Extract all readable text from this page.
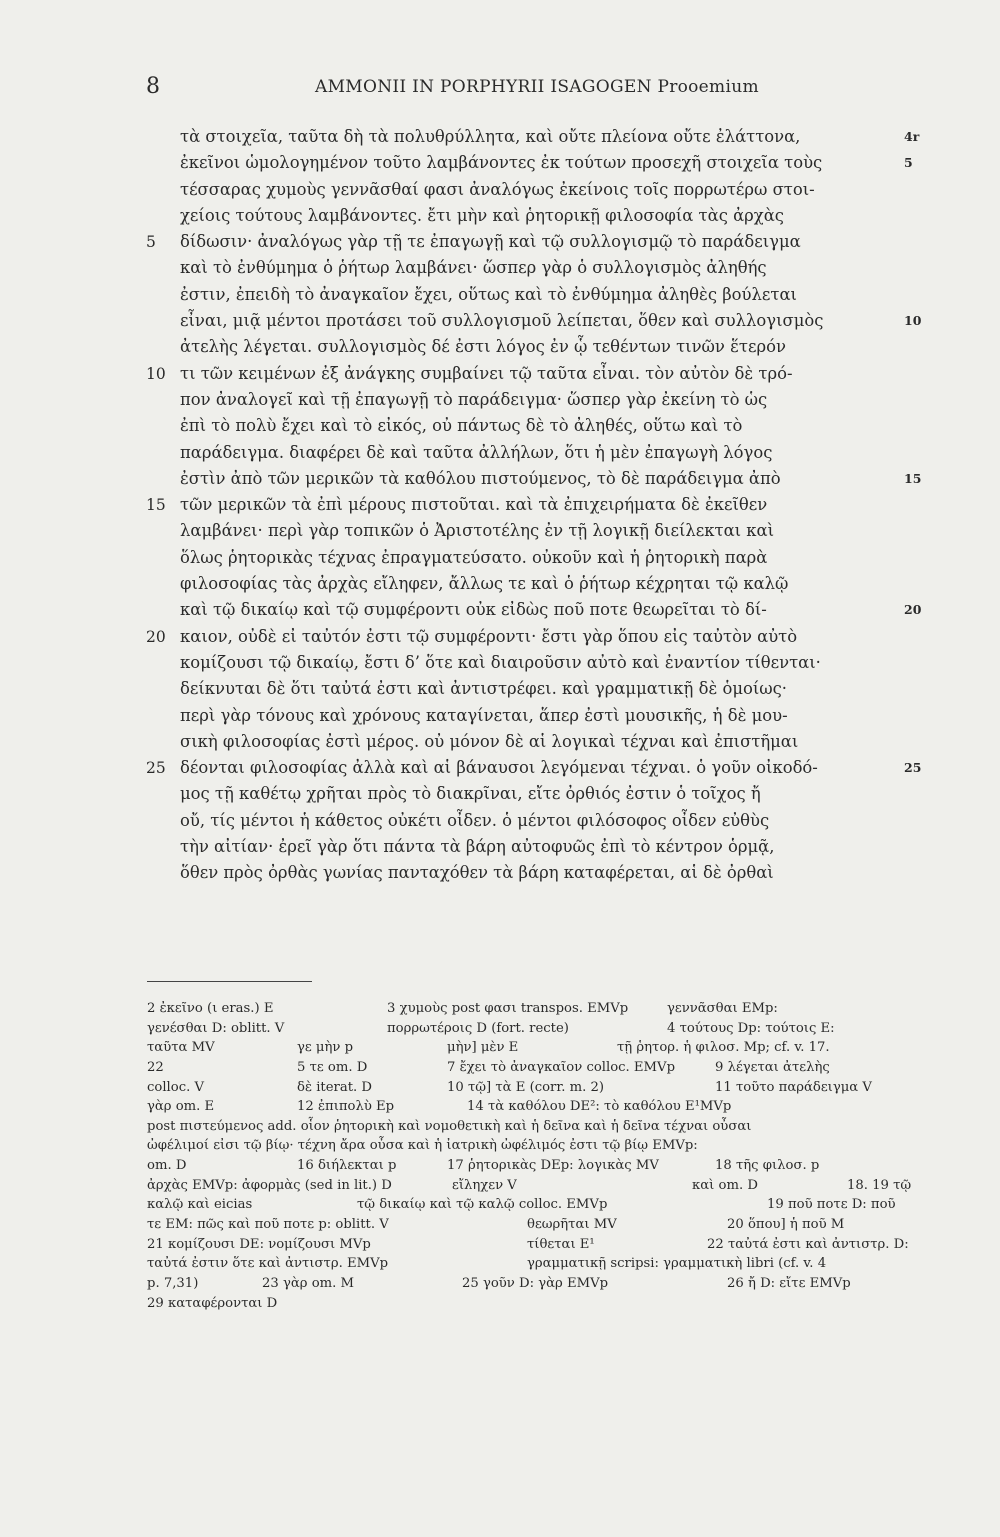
8	AMMONII IN PORPHYRII ISAGOGEN Prooemium
τὰ στοιχεῖα, ταῦτα δὴ τὰ πολυθρύλλητα, καὶ οὔτε πλείονα οὔτε ἐλάττονα,	4r
ἐκεῖνοι ὡμολογημένον τοῦτο λαμβάνοντες ἐκ τούτων προσεχῆ στοιχεῖα τοὺς	5
τέσσαρας χυμοὺς γεννᾶσθαί φασι ἀναλόγως ἐκείνοις τοῖς πορρωτέρω στοι-
χείοις τούτους λαμβάνοντες. ἔτι μὴν καὶ ῥητορικῇ φιλοσοφία τὰς ἀρχὰς
5 δίδωσιν· ἀναλόγως γὰρ τῇ τε ἐπαγωγῇ καὶ τῷ συλλογισμῷ τὸ παράδειγμα
καὶ τὸ ἐνθύμημα ὁ ῥήτωρ λαμβάνει· ὥσπερ γὰρ ὁ συλλογισμὸς ἀληθής
ἐστιν, ἐπειδὴ τὸ ἀναγκαῖον ἔχει, οὕτως καὶ τὸ ἐνθύμημα ἀληθὲς βούλεται
εἶναι, μιᾷ μέντοι προτάσει τοῦ συλλογισμοῦ λείπεται, ὅθεν καὶ συλλογισμὸς	10
ἀτελὴς λέγεται. συλλογισμὸς δέ ἐστι λόγος ἐν ᾧ τεθέντων τινῶν ἕτερόν
10 τι τῶν κειμένων ἐξ ἀνάγκης συμβαίνει τῷ ταῦτα εἶναι. τὸν αὐτὸν δὲ τρό-
πον ἀναλογεῖ καὶ τῇ ἐπαγωγῇ τὸ παράδειγμα· ὥσπερ γὰρ ἐκείνη τὸ ὡς
ἐπὶ τὸ πολὺ ἔχει καὶ τὸ εἰκός, οὐ πάντως δὲ τὸ ἀληθές, οὕτω καὶ τὸ
παράδειγμα. διαφέρει δὲ καὶ ταῦτα ἀλλήλων, ὅτι ἡ μὲν ἐπαγωγὴ λόγος
ἐστὶν ἀπὸ τῶν μερικῶν τὰ καθόλου πιστούμενος, τὸ δὲ παράδειγμα ἀπὸ	15
15 τῶν μερικῶν τὰ ἐπὶ μέρους πιστοῦται. καὶ τὰ ἐπιχειρήματα δὲ ἐκεῖθεν
λαμβάνει· περὶ γὰρ τοπικῶν ὁ Ἀριστοτέλης ἐν τῇ λογικῇ διείλεκται καὶ
ὅλως ῥητορικὰς τέχνας ἐπραγματεύσατο. οὐκοῦν καὶ ἡ ῥητορικὴ παρὰ
φιλοσοφίας τὰς ἀρχὰς εἴληφεν, ἄλλως τε καὶ ὁ ῥήτωρ κέχρηται τῷ καλῷ
καὶ τῷ δικαίῳ καὶ τῷ συμφέροντι οὐκ εἰδὼς ποῦ ποτε θεωρεῖται τὸ δί-	20
20 καιον, οὐδὲ εἰ ταὐτόν ἐστι τῷ συμφέροντι· ἔστι γὰρ ὅπου εἰς ταὐτὸν αὐτὸ
κομίζουσι τῷ δικαίῳ, ἔστι δ’ ὅτε καὶ διαιροῦσιν αὐτὸ καὶ ἐναντίον τίθενται·
δείκνυται δὲ ὅτι ταὐτά ἐστι καὶ ἀντιστρέφει. καὶ γραμματικῇ δὲ ὁμοίως·
περὶ γὰρ τόνους καὶ χρόνους καταγίνεται, ἅπερ ἐστὶ μουσικῆς, ἡ δὲ μου-
σικὴ φιλοσοφίας ἐστὶ μέρος. οὐ μόνον δὲ αἱ λογικαὶ τέχναι καὶ ἐπιστῆμαι
25 δέονται φιλοσοφίας ἀλλὰ καὶ αἱ βάναυσοι λεγόμεναι τέχναι. ὁ γοῦν οἰκοδό-	25
μος τῇ καθέτῳ χρῆται πρὸς τὸ διακρῖναι, εἴτε ὀρθιός ἐστιν ὁ τοῖχος ἤ
οὔ, τίς μέντοι ἡ κάθετος οὐκέτι οἶδεν. ὁ μέντοι φιλόσοφος οἶδεν εὐθὺς
τὴν αἰτίαν· ἐρεῖ γὰρ ὅτι πάντα τὰ βάρη αὐτοφυῶς ἐπὶ τὸ κέντρον ὁρμᾷ,
ὅθεν πρὸς ὀρθὰς γωνίας πανταχόθεν τὰ βάρη καταφέρεται, αἱ δὲ ὀρθαὶ
2 ἐκεῖνο (ι eras.) E	3 χυμοὺς post φασι transpos. EMVp	γεννᾶσθαι EMp:
γενέσθαι D: oblitt. V	πορρωτέροις D (fort. recte)	4 τούτους Dp: τούτοις E:
ταῦτα MV	γε μὴν p	μὴν] μὲν E	τῇ ῥητορ. ἡ φιλοσ. Mp; cf. v. 17.
22	5 τε om. D	7 ἔχει τὸ ἀναγκαῖον colloc. EMVp	9 λέγεται ἀτελὴς
colloc. V	δὲ iterat. D	10 τῷ] τὰ E (corr. m. 2)	11 τοῦτο παράδειγμα V
γὰρ om. E	12 ἐπιπολὺ Ep	14 τὰ καθόλου DE²: τὸ καθόλου E¹MVp
post πιστεύμενος add. οἷον ῥητορικὴ καὶ νομοθετικὴ καὶ ἡ δεῖνα καὶ ἡ δεῖνα τέχναι οὖσαι
ὠφέλιμοί εἰσι τῷ βίῳ· τέχνη ἄρα οὖσα καὶ ἡ ἰατρικὴ ὠφέλιμός ἐστι τῷ βίῳ EMVp:
om. D	16 διήλεκται p	17 ῥητορικὰς DEp: λογικὰς MV	18 τῆς φιλοσ. p
ἀρχὰς EMVp: ἀφορμὰς (sed in lit.) D	εἴληχεν V	καὶ om. D	18. 19 τῷ
καλῷ καὶ eicias	τῷ δικαίῳ καὶ τῷ καλῷ colloc. EMVp	19 ποῦ ποτε D: ποῦ
τε EM: πῶς καὶ ποῦ ποτε p: oblitt. V	θεωρῆται MV	20 ὅπου] ἡ ποῦ M
21 κομίζουσι DE: νομίζουσι MVp	τίθεται E¹	22 ταὐτά ἐστι καὶ ἀντιστρ. D:
ταὐτά ἐστιν ὅτε καὶ ἀντιστρ. EMVp	γραμματικῇ scripsi: γραμματικὴ libri (cf. v. 4
p. 7,31)	23 γὰρ om. M	25 γοῦν D: γὰρ EMVp	26 ἤ D: εἴτε EMVp
29 καταφέρονται D
